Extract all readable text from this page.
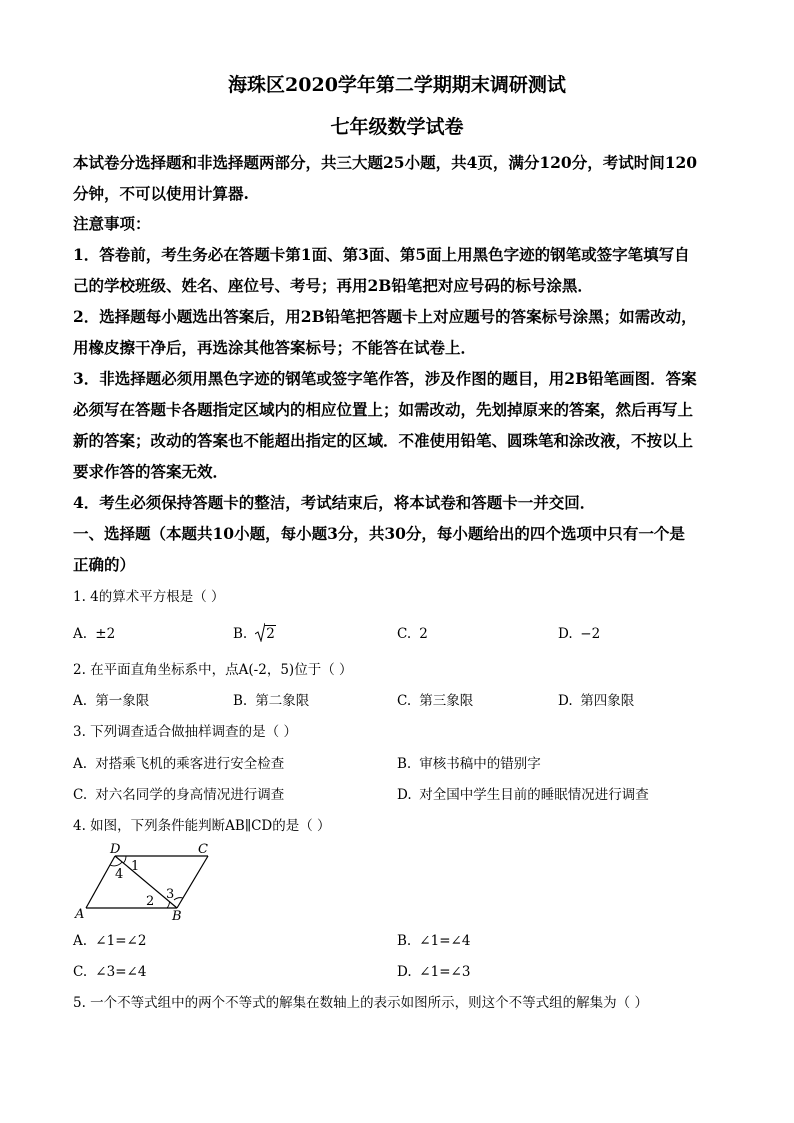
海珠区2020学年第二学期期末调研测试
七年级数学试卷
本试卷分选择题和非选择题两部分，共三大题25小题，共4页，满分120分，考试时间120
分钟，不可以使用计算器.
注意事项：
1．答卷前，考生务必在答题卡第1面、第3面、第5面上用黑色字迹的钢笔或签字笔填写自
己的学校班级、姓名、座位号、考号；再用2B铅笔把对应号码的标号涂黑．
2．选择题每小题选出答案后，用2B铅笔把答题卡上对应题号的答案标号涂黑；如需改动，
用橡皮擦干净后，再选涂其他答案标号；不能答在试卷上．
3．非选择题必须用黑色字迹的钢笔或签字笔作答，涉及作图的题目，用2B铅笔画图．答案
必须写在答题卡各题指定区域内的相应位置上；如需改动，先划掉原来的答案，然后再写上
新的答案；改动的答案也不能超出指定的区域．不准使用铅笔、圆珠笔和涂改液，不按以上
要求作答的答案无效．
4．考生必须保持答题卡的整洁，考试结束后，将本试卷和答题卡一并交回．
一、选择题（本题共10小题，每小题3分，共30分，每小题给出的四个选项中只有一个是
正确的）
1. 4的算术平方根是（ ）
A. ±2	B. 2	C. 2	D. −2
2. 在平面直角坐标系中，点A(-2，5)位于（ ）
A. 第一象限	B. 第二象限	C. 第三象限	D. 第四象限
3. 下列调查适合做抽样调查的是（ ）
A. 对搭乘飞机的乘客进行安全检查	B. 审核书稿中的错别字
C. 对六名同学的身高情况进行调查	D. 对全国中学生目前的睡眠情况进行调查
4. 如图，下列条件能判断AB∥CD的是（ ）
D	C
A	B
1
4
2 3
A. ∠1=∠2	B. ∠1=∠4
C. ∠3=∠4	D. ∠1=∠3
5. 一个不等式组中的两个不等式的解集在数轴上的表示如图所示，则这个不等式组的解集为（ ）
